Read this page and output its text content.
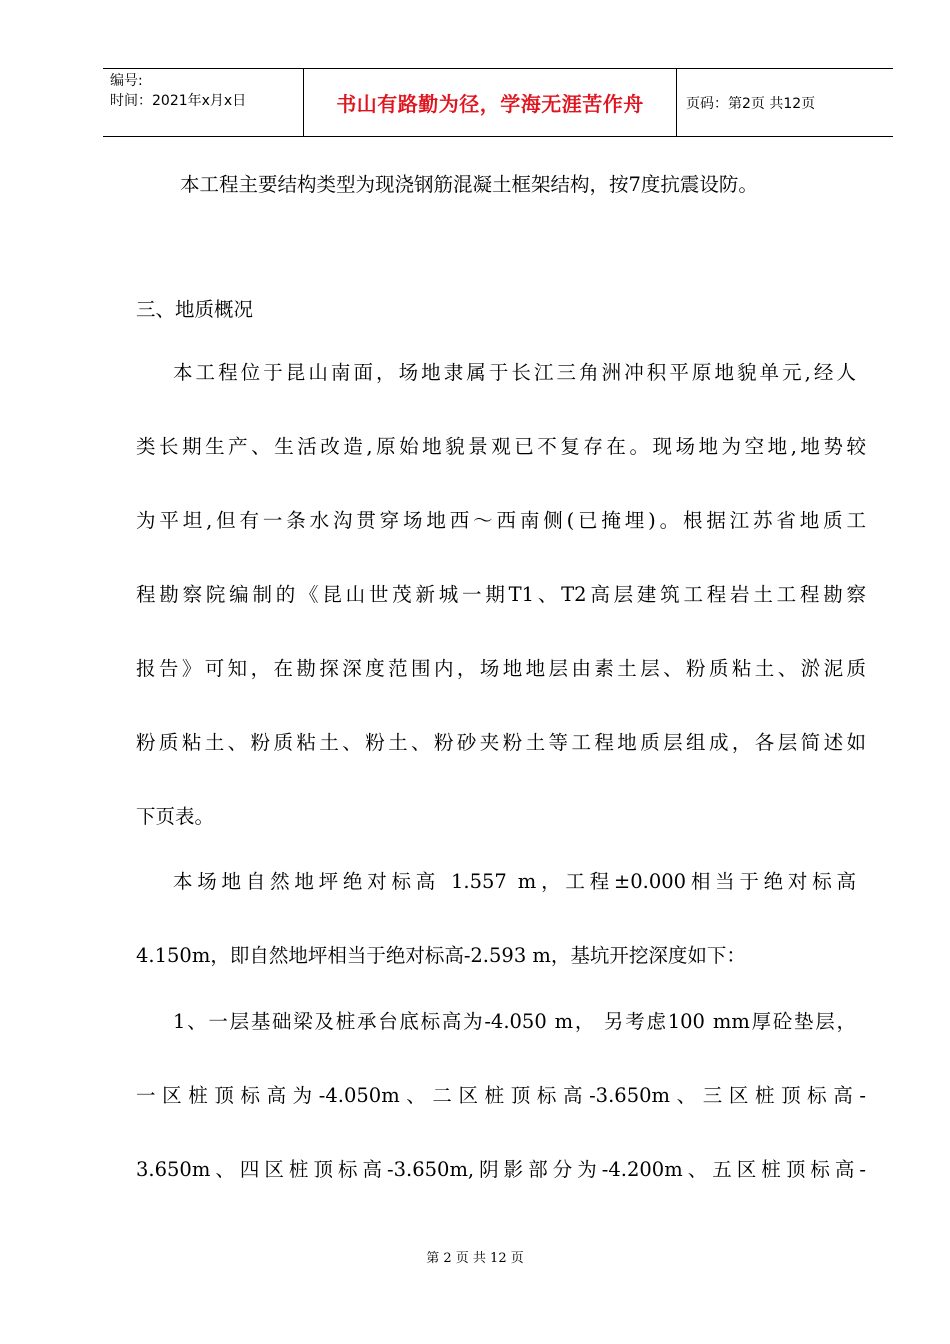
编号:
时间：2021年x月x日	书山有路勤为径，学海无涯苦作舟	页码：第2页 共12页

本工程主要结构类型为现浇钢筋混凝土框架结构，按7度抗震设防。

三、地质概况

本工程位于昆山南面，场地隶属于长江三角洲冲积平原地貌单元,经人

类长期生产、生活改造,原始地貌景观已不复存在。现场地为空地,地势较

为平坦,但有一条水沟贯穿场地西～西南侧(已掩埋)。根据江苏省地质工

程勘察院编制的《昆山世茂新城一期T1、T2高层建筑工程岩土工程勘察

报告》可知，在勘探深度范围内，场地地层由素土层、粉质粘土、淤泥质

粉质粘土、粉质粘土、粉土、粉砂夹粉土等工程地质层组成，各层简述如

下页表。

本场地自然地坪绝对标高 1.557 m，工程±0.000相当于绝对标高

4.150m，即自然地坪相当于绝对标高-2.593 m，基坑开挖深度如下：

1、一层基础梁及桩承台底标高为-4.050 m， 另考虑100 mm厚砼垫层，

一区桩顶标高为-4.050m、二区桩顶标高-3.650m、三区桩顶标高-

3.650m、四区桩顶标高-3.650m,阴影部分为-4.200m、五区桩顶标高-

第 2 页 共 12 页
